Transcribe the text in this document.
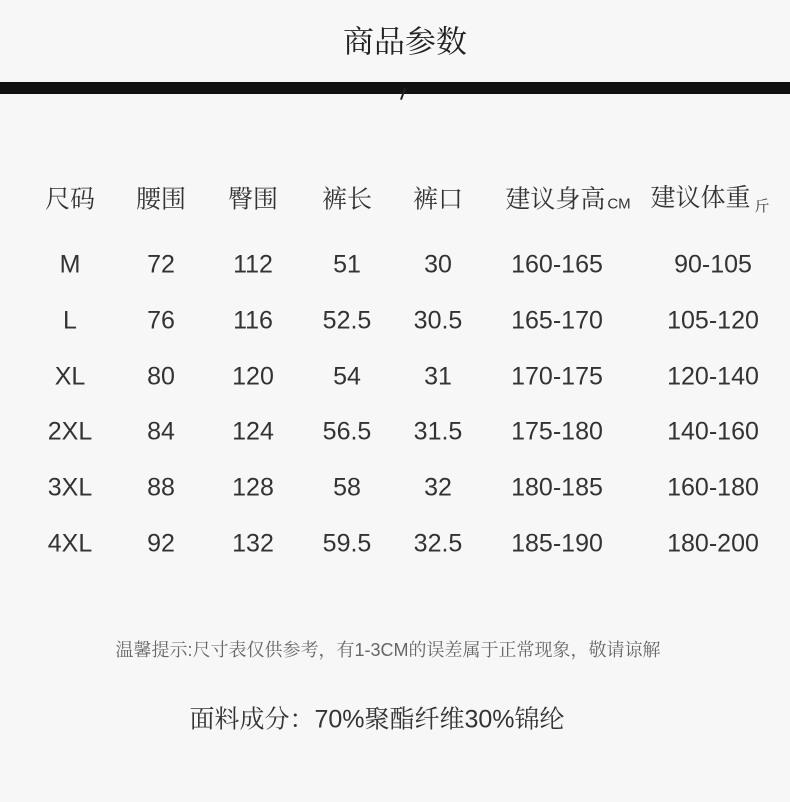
商品参数
尺码 腰围 臀围 裤长 裤口 建议身高 CM 建议体重 $_斤$
M	72 112 51	30 160-165	90-105
L	76 116 52.5 30.5 165-170	105-120
XL 80 120 54	31 170-175	120-140
2XL 84 124 56.5 31.5 175-180	140-160
3XL 88 128 58	32 180-185	160-180
4XL 92 132 59.5 32.5 185-190	180-200
温馨提示:尺寸表仅供参考，有1-3CM的误差属于正常现象，敬请谅解
面料成分：70%聚酯纤维30%锦纶
